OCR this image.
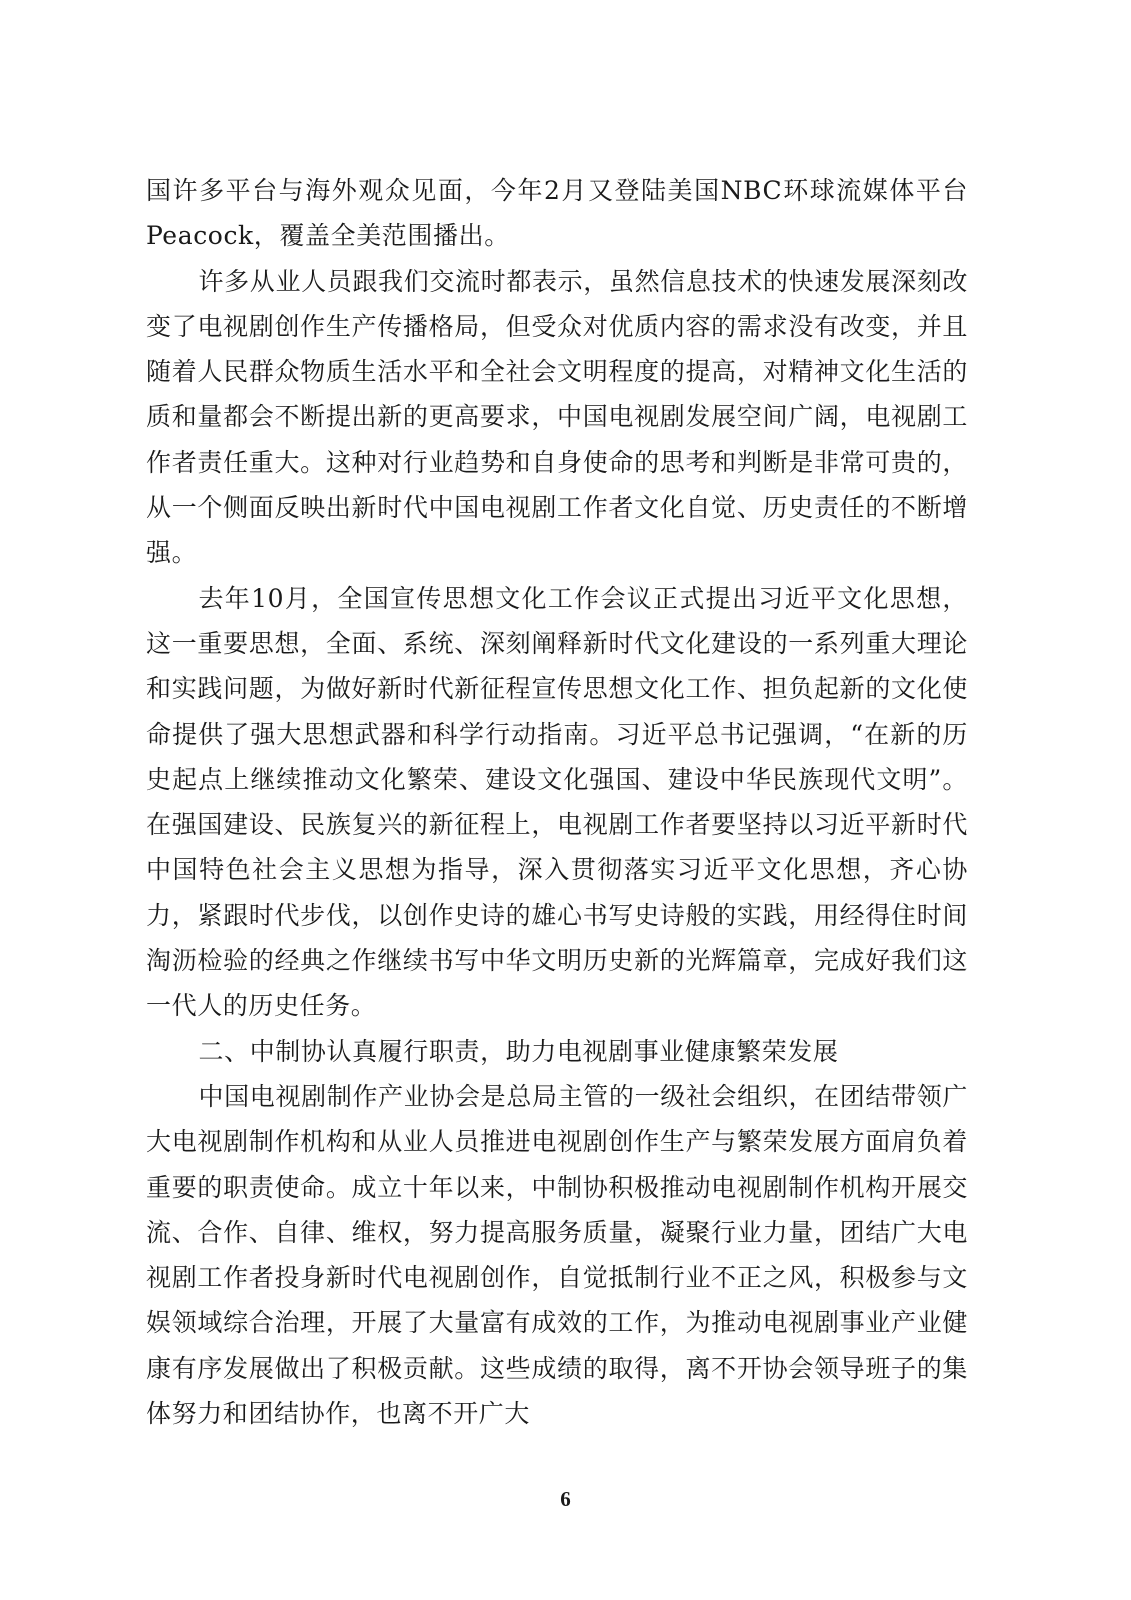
国许多平台与海外观众见面，今年2月又登陆美国NBC环球流媒体平台Peacock，覆盖全美范围播出。

许多从业人员跟我们交流时都表示，虽然信息技术的快速发展深刻改变了电视剧创作生产传播格局，但受众对优质内容的需求没有改变，并且随着人民群众物质生活水平和全社会文明程度的提高，对精神文化生活的质和量都会不断提出新的更高要求，中国电视剧发展空间广阔，电视剧工作者责任重大。这种对行业趋势和自身使命的思考和判断是非常可贵的，从一个侧面反映出新时代中国电视剧工作者文化自觉、历史责任的不断增强。

去年10月，全国宣传思想文化工作会议正式提出习近平文化思想，这一重要思想，全面、系统、深刻阐释新时代文化建设的一系列重大理论和实践问题，为做好新时代新征程宣传思想文化工作、担负起新的文化使命提供了强大思想武器和科学行动指南。习近平总书记强调，“在新的历史起点上继续推动文化繁荣、建设文化强国、建设中华民族现代文明”。在强国建设、民族复兴的新征程上，电视剧工作者要坚持以习近平新时代中国特色社会主义思想为指导，深入贯彻落实习近平文化思想，齐心协力，紧跟时代步伐，以创作史诗的雄心书写史诗般的实践，用经得住时间淘沥检验的经典之作继续书写中华文明历史新的光辉篇章，完成好我们这一代人的历史任务。

二、中制协认真履行职责，助力电视剧事业健康繁荣发展

中国电视剧制作产业协会是总局主管的一级社会组织，在团结带领广大电视剧制作机构和从业人员推进电视剧创作生产与繁荣发展方面肩负着重要的职责使命。成立十年以来，中制协积极推动电视剧制作机构开展交流、合作、自律、维权，努力提高服务质量，凝聚行业力量，团结广大电视剧工作者投身新时代电视剧创作，自觉抵制行业不正之风，积极参与文娱领域综合治理，开展了大量富有成效的工作，为推动电视剧事业产业健康有序发展做出了积极贡献。这些成绩的取得，离不开协会领导班子的集体努力和团结协作，也离不开广大

6
